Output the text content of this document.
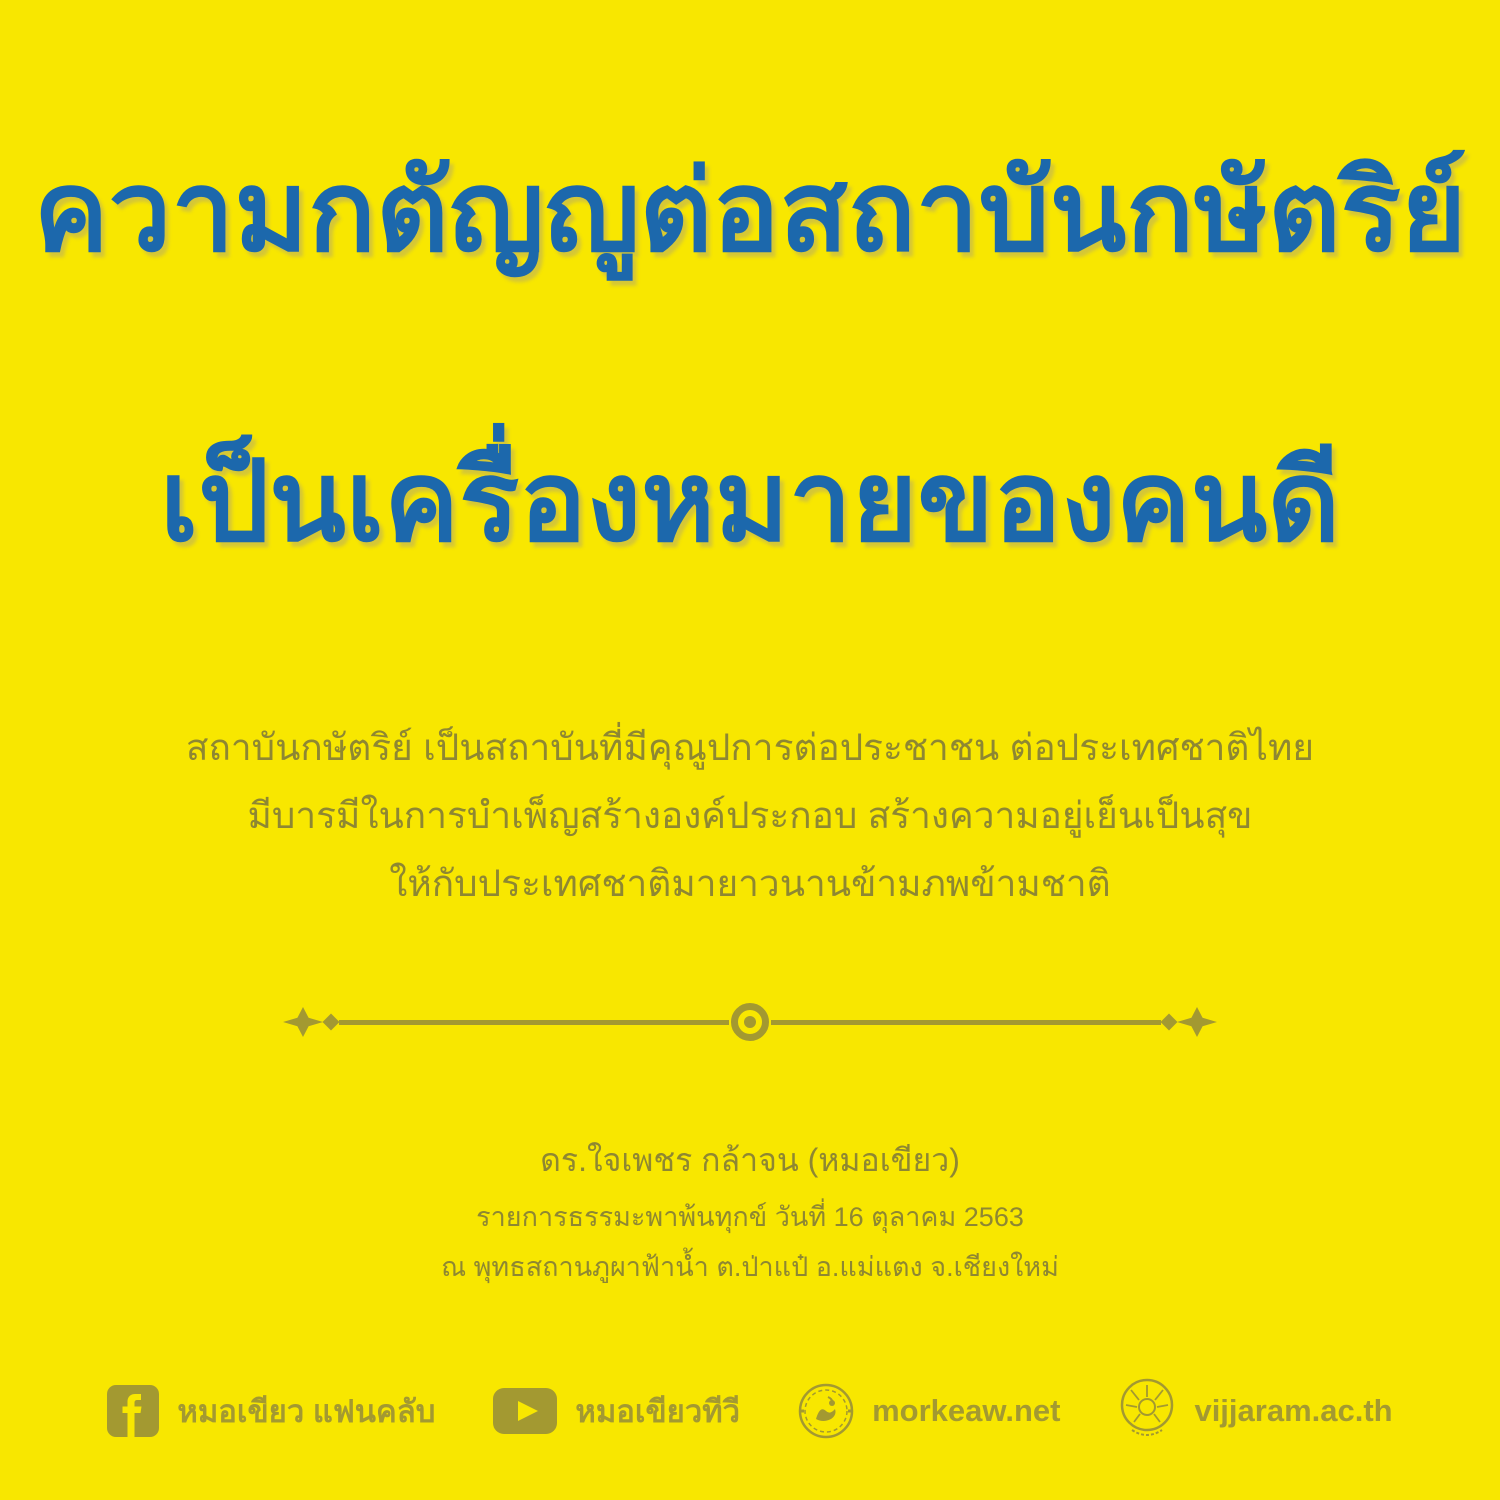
ความกตัญญูต่อสถาบันกษัตริย์
เป็นเครื่องหมายของคนดี
สถาบันกษัตริย์ เป็นสถาบันที่มีคุณูปการต่อประชาชน ต่อประเทศชาติไทย
มีบารมีในการบำเพ็ญสร้างองค์ประกอบ สร้างความอยู่เย็นเป็นสุข
ให้กับประเทศชาติมายาวนานข้ามภพข้ามชาติ
ดร.ใจเพชร กล้าจน (หมอเขียว)
รายการธรรมะพาพ้นทุกข์ วันที่ 16 ตุลาคม 2563
ณ พุทธสถานภูผาฟ้าน้ำ ต.ป่าแป๋ อ.แม่แตง จ.เชียงใหม่
หมอเขียว แฟนคลับ	หมอเขียวทีวี	morkeaw.net	vijjaram.ac.th
